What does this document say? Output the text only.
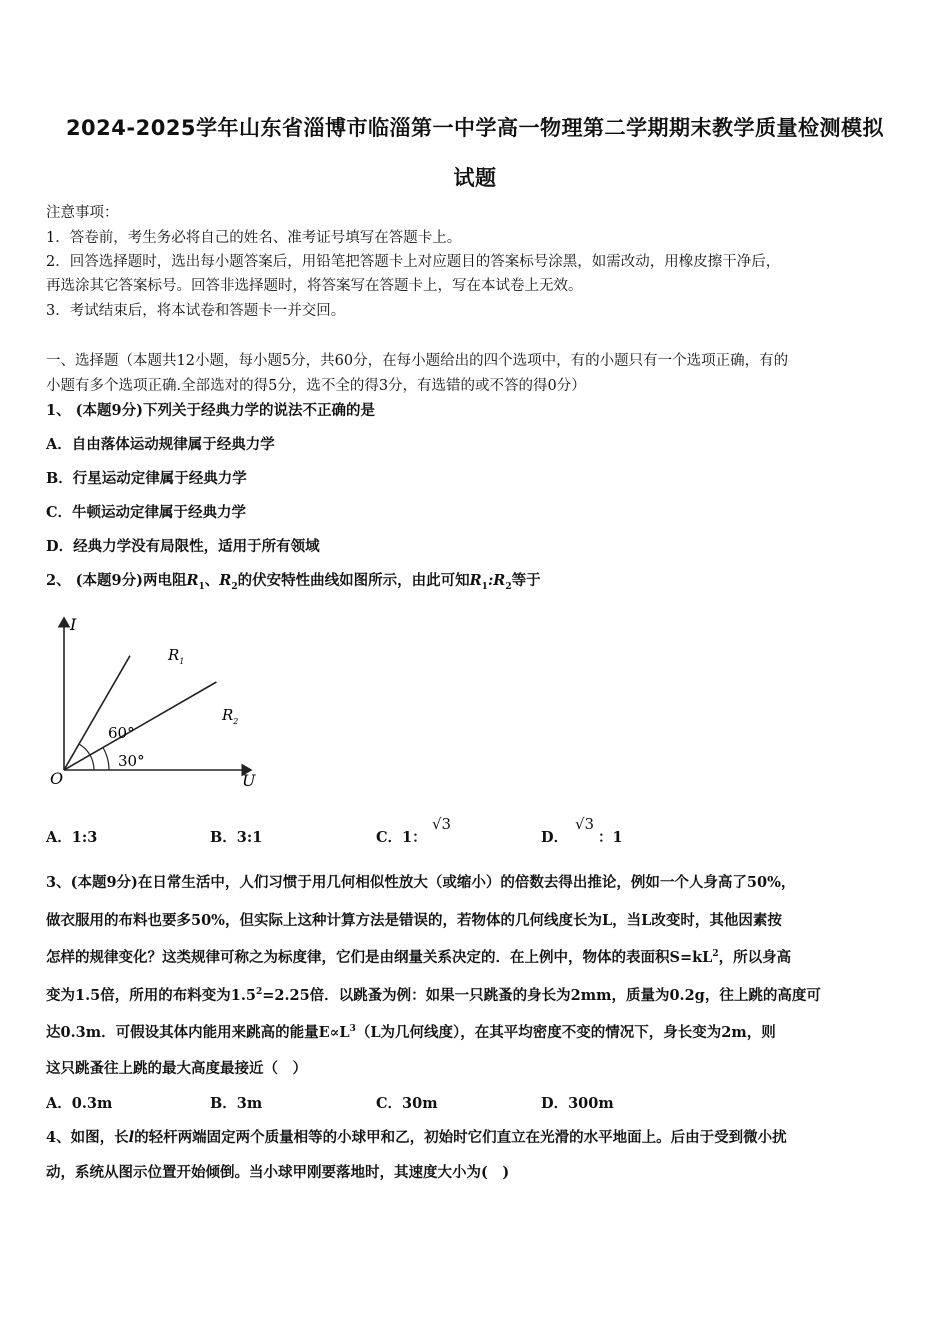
2024-2025学年山东省淄博市临淄第一中学高一物理第二学期期末教学质量检测模拟
试题
注意事项：
1．答卷前，考生务必将自己的姓名、准考证号填写在答题卡上。
2．回答选择题时，选出每小题答案后，用铅笔把答题卡上对应题目的答案标号涂黑，如需改动，用橡皮擦干净后，
再选涂其它答案标号。回答非选择题时，将答案写在答题卡上，写在本试卷上无效。
3．考试结束后，将本试卷和答题卡一并交回。
一、选择题（本题共12小题，每小题5分，共60分，在每小题给出的四个选项中，有的小题只有一个选项正确，有的
小题有多个选项正确.全部选对的得5分，选不全的得3分，有选错的或不答的得0分）
1、 (本题9分)下列关于经典力学的说法不正确的是
A．自由落体运动规律属于经典力学
B．行星运动定律属于经典力学
C．牛顿运动定律属于经典力学
D．经典力学没有局限性，适用于所有领域
2、 (本题9分)两电阻$R_1$、$R_2$的伏安特性曲线如图所示，由此可知$R_1:R_2$等于
I
U
O
$R_1$
$R_2$
60°
30°
A．1:3	B．3:1	C．1：
√3
D．
√3
：1
3、(本题9分)在日常生活中，人们习惯于用几何相似性放大（或缩小）的倍数去得出推论，例如一个人身高了50%，
做衣服用的布料也要多50%，但实际上这种计算方法是错误的，若物体的几何线度长为L，当L改变时，其他因素按
怎样的规律变化？这类规律可称之为标度律，它们是由纲量关系决定的．在上例中，物体的表面积$S=kL^2$，所以身高
变为1.5倍，所用的布料变为$1.5^2=2.25$倍．以跳蚤为例：如果一只跳蚤的身长为2mm，质量为0.2g，往上跳的高度可
达0.3m．可假设其体内能用来跳高的能量$E\propto L^3(L$为几何线度），在其平均密度不变的情况下，身长变为2m，则
这只跳蚤往上跳的最大高度最接近（　）
A．0.3m	B．3m	C．30m	D．300m
4、如图，长l的轻杆两端固定两个质量相等的小球甲和乙，初始时它们直立在光滑的水平地面上。后由于受到微小扰
动，系统从图示位置开始倾倒。当小球甲刚要落地时，其速度大小为(　)
